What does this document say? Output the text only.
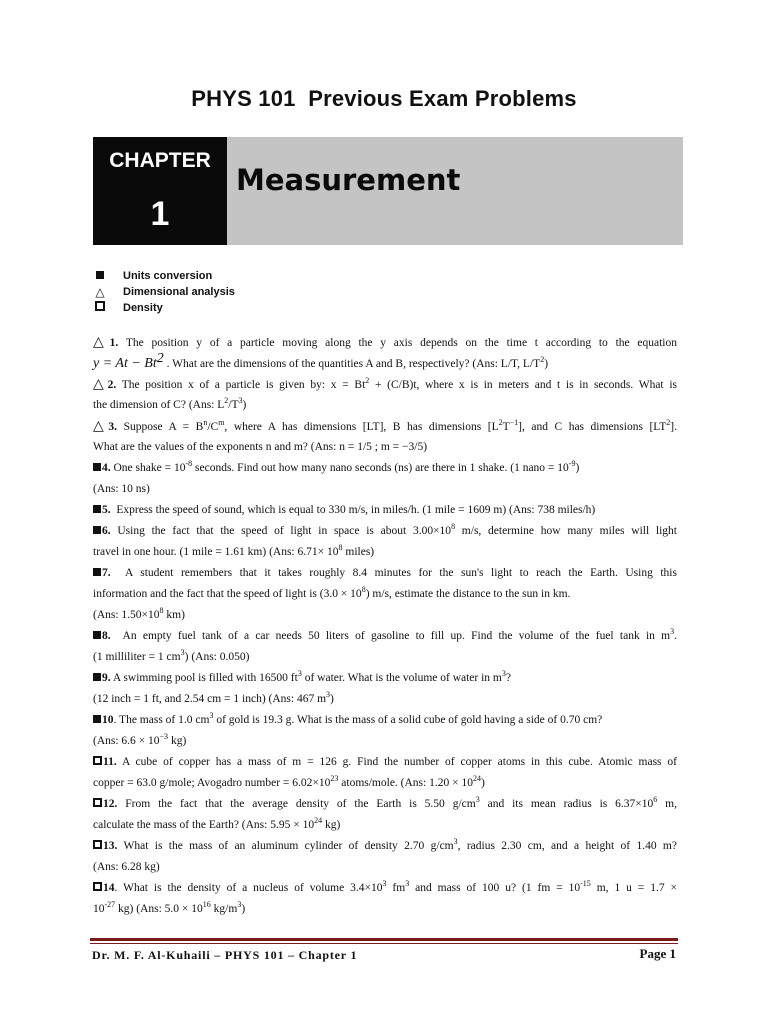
PHYS 101  Previous Exam Problems
CHAPTER
1
Measurement
Units conversion
△ Dimensional analysis
Density
△1. The position y of a particle moving along the y axis depends on the time t according to the equation
$y = At - Bt^2$ . What are the dimensions of the quantities A and B, respectively? (Ans: L/T, $L/T^2$)
△2. The position x of a particle is given by: $x = Bt^2 + (C/B)t$, where x is in meters and t is in seconds. What is
the dimension of C? (Ans: $L^2/T^3$)
△3. Suppose $A = B^n/C^m$, where A has dimensions [LT], B has dimensions $[L^2T^{-1}]$, and C has dimensions $[LT^2]$.
What are the values of the exponents n and m? (Ans: n = 1/5 ; m = −3/5)
4. One shake = $10^{-8}$ seconds. Find out how many nano seconds (ns) are there in 1 shake. (1 nano = $10^{-9}$)
(Ans: 10 ns)
5. Express the speed of sound, which is equal to 330 m/s, in miles/h. (1 mile = 1609 m) (Ans: 738 miles/h)
6. Using the fact that the speed of light in space is about $3.00\times 10^8$ m/s, determine how many miles will light
travel in one hour. (1 mile = 1.61 km) (Ans: $6.71\times 10^8$ miles)
7. A student remembers that it takes roughly 8.4 minutes for the sun's light to reach the Earth. Using this
information and the fact that the speed of light is $(3.0 \times 10^8)$ m/s, estimate the distance to the sun in km.
(Ans: $1.50\times 10^8$ km)
8. An empty fuel tank of a car needs 50 liters of gasoline to fill up. Find the volume of the fuel tank in $m^3$.
(1 milliliter = 1 $cm^3$) (Ans: 0.050)
9. A swimming pool is filled with 16500 $ft^3$ of water. What is the volume of water in $m^3$?
(12 inch = 1 ft, and 2.54 cm = 1 inch) (Ans: 467 $m^3$)
10. The mass of 1.0 $cm^3$ of gold is 19.3 g. What is the mass of a solid cube of gold having a side of 0.70 cm?
(Ans: $6.6 \times 10^{-3}$ kg)
11. A cube of copper has a mass of m = 126 g. Find the number of copper atoms in this cube. Atomic mass of
copper = 63.0 g/mole; Avogadro number = $6.02\times 10^{23}$ atoms/mole. (Ans: $1.20 \times 10^{24}$)
12. From the fact that the average density of the Earth is 5.50 $g/cm^3$ and its mean radius is $6.37\times 10^6$ m,
calculate the mass of the Earth? (Ans: $5.95 \times 10^{24}$ kg)
13. What is the mass of an aluminum cylinder of density 2.70 $g/cm^3$, radius 2.30 cm, and a height of 1.40 m?
(Ans: 6.28 kg)
14. What is the density of a nucleus of volume $3.4\times 10^3$ $fm^3$ and mass of 100 u? (1 fm = $10^{-15}$ m, 1 u = 1.7 ×
$10^{-27}$ kg) (Ans: $5.0 \times 10^{16}$ $kg/m^3$)
Dr. M. F. Al-Kuhaili – PHYS 101 – Chapter 1	Page 1
